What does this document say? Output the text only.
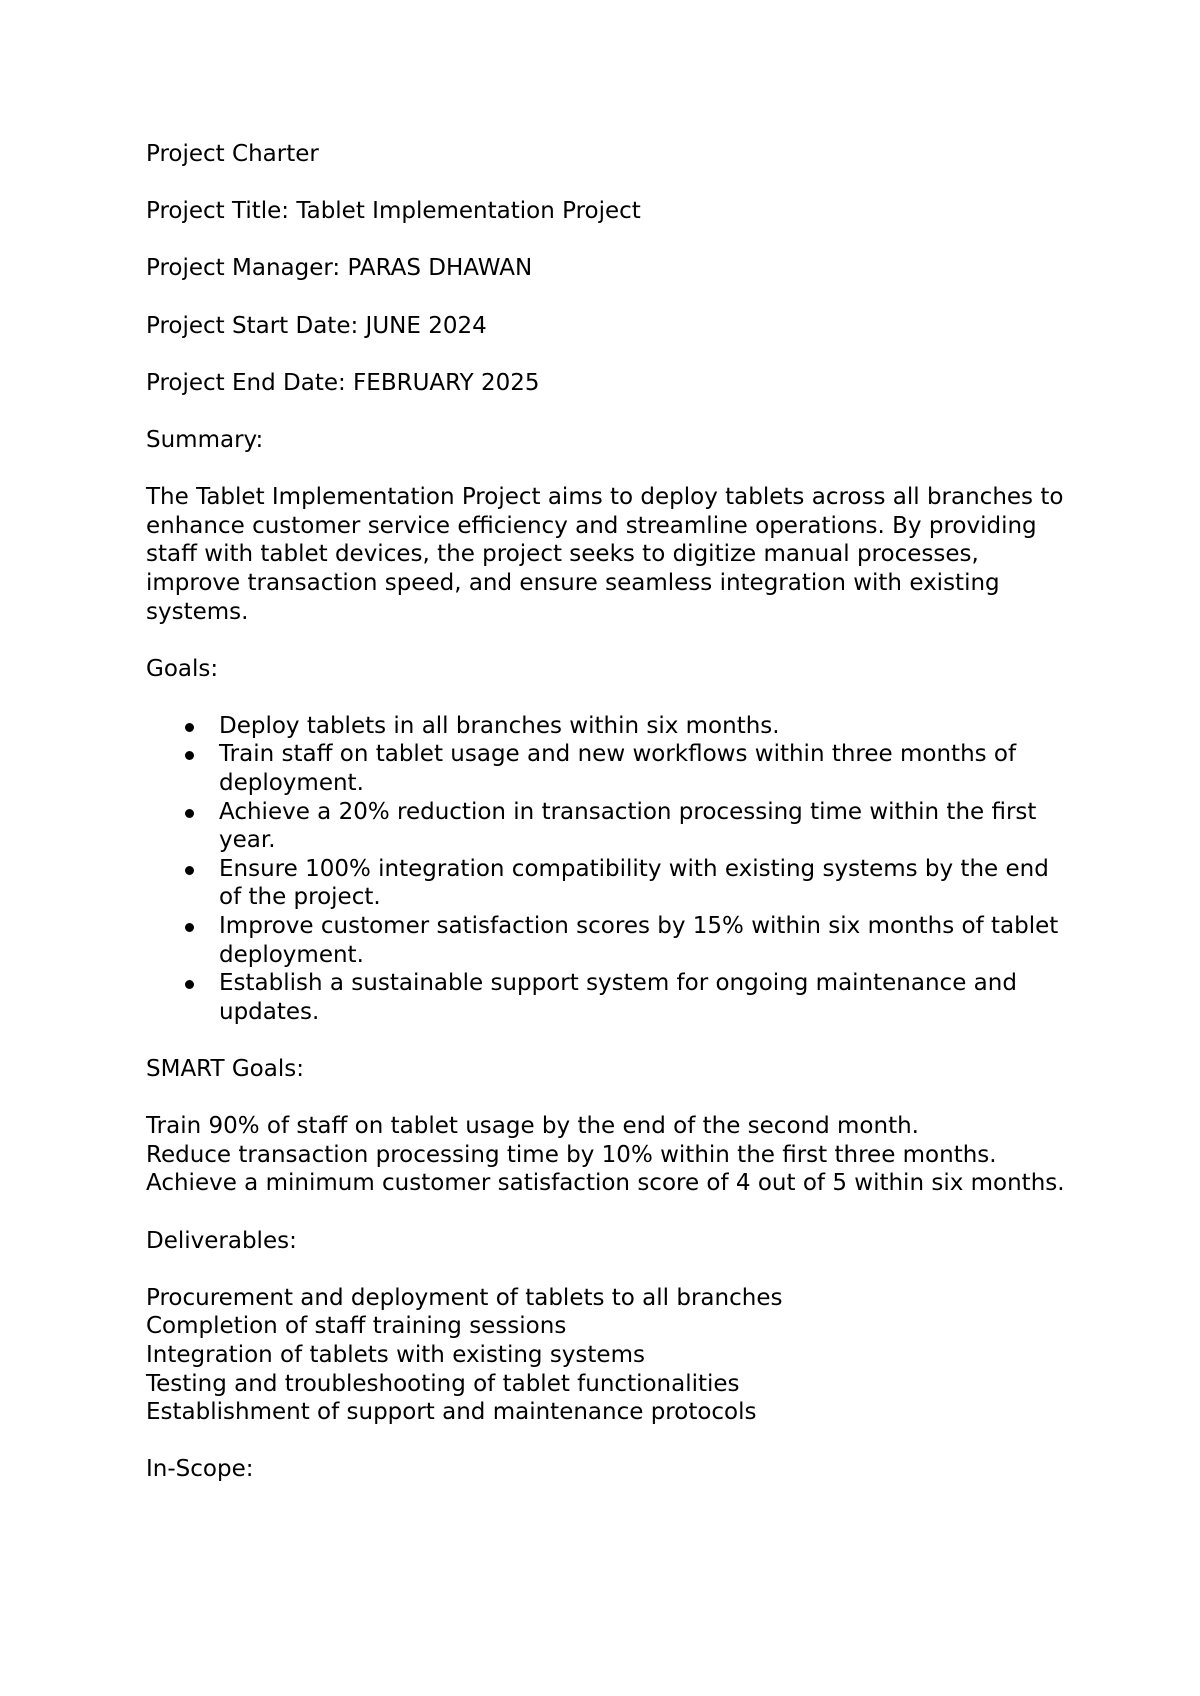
Project Charter

Project Title: Tablet Implementation Project

Project Manager: PARAS DHAWAN

Project Start Date: JUNE 2024

Project End Date: FEBRUARY 2025

Summary:

The Tablet Implementation Project aims to deploy tablets across all branches to enhance customer service efficiency and streamline operations. By providing staff with tablet devices, the project seeks to digitize manual processes, improve transaction speed, and ensure seamless integration with existing systems.

Goals:

Deploy tablets in all branches within six months.
Train staff on tablet usage and new workflows within three months of deployment.
Achieve a 20% reduction in transaction processing time within the first year.
Ensure 100% integration compatibility with existing systems by the end of the project.
Improve customer satisfaction scores by 15% within six months of tablet deployment.
Establish a sustainable support system for ongoing maintenance and updates.

SMART Goals:

Train 90% of staff on tablet usage by the end of the second month.
Reduce transaction processing time by 10% within the first three months.
Achieve a minimum customer satisfaction score of 4 out of 5 within six months.

Deliverables:

Procurement and deployment of tablets to all branches
Completion of staff training sessions
Integration of tablets with existing systems
Testing and troubleshooting of tablet functionalities
Establishment of support and maintenance protocols

In-Scope:
